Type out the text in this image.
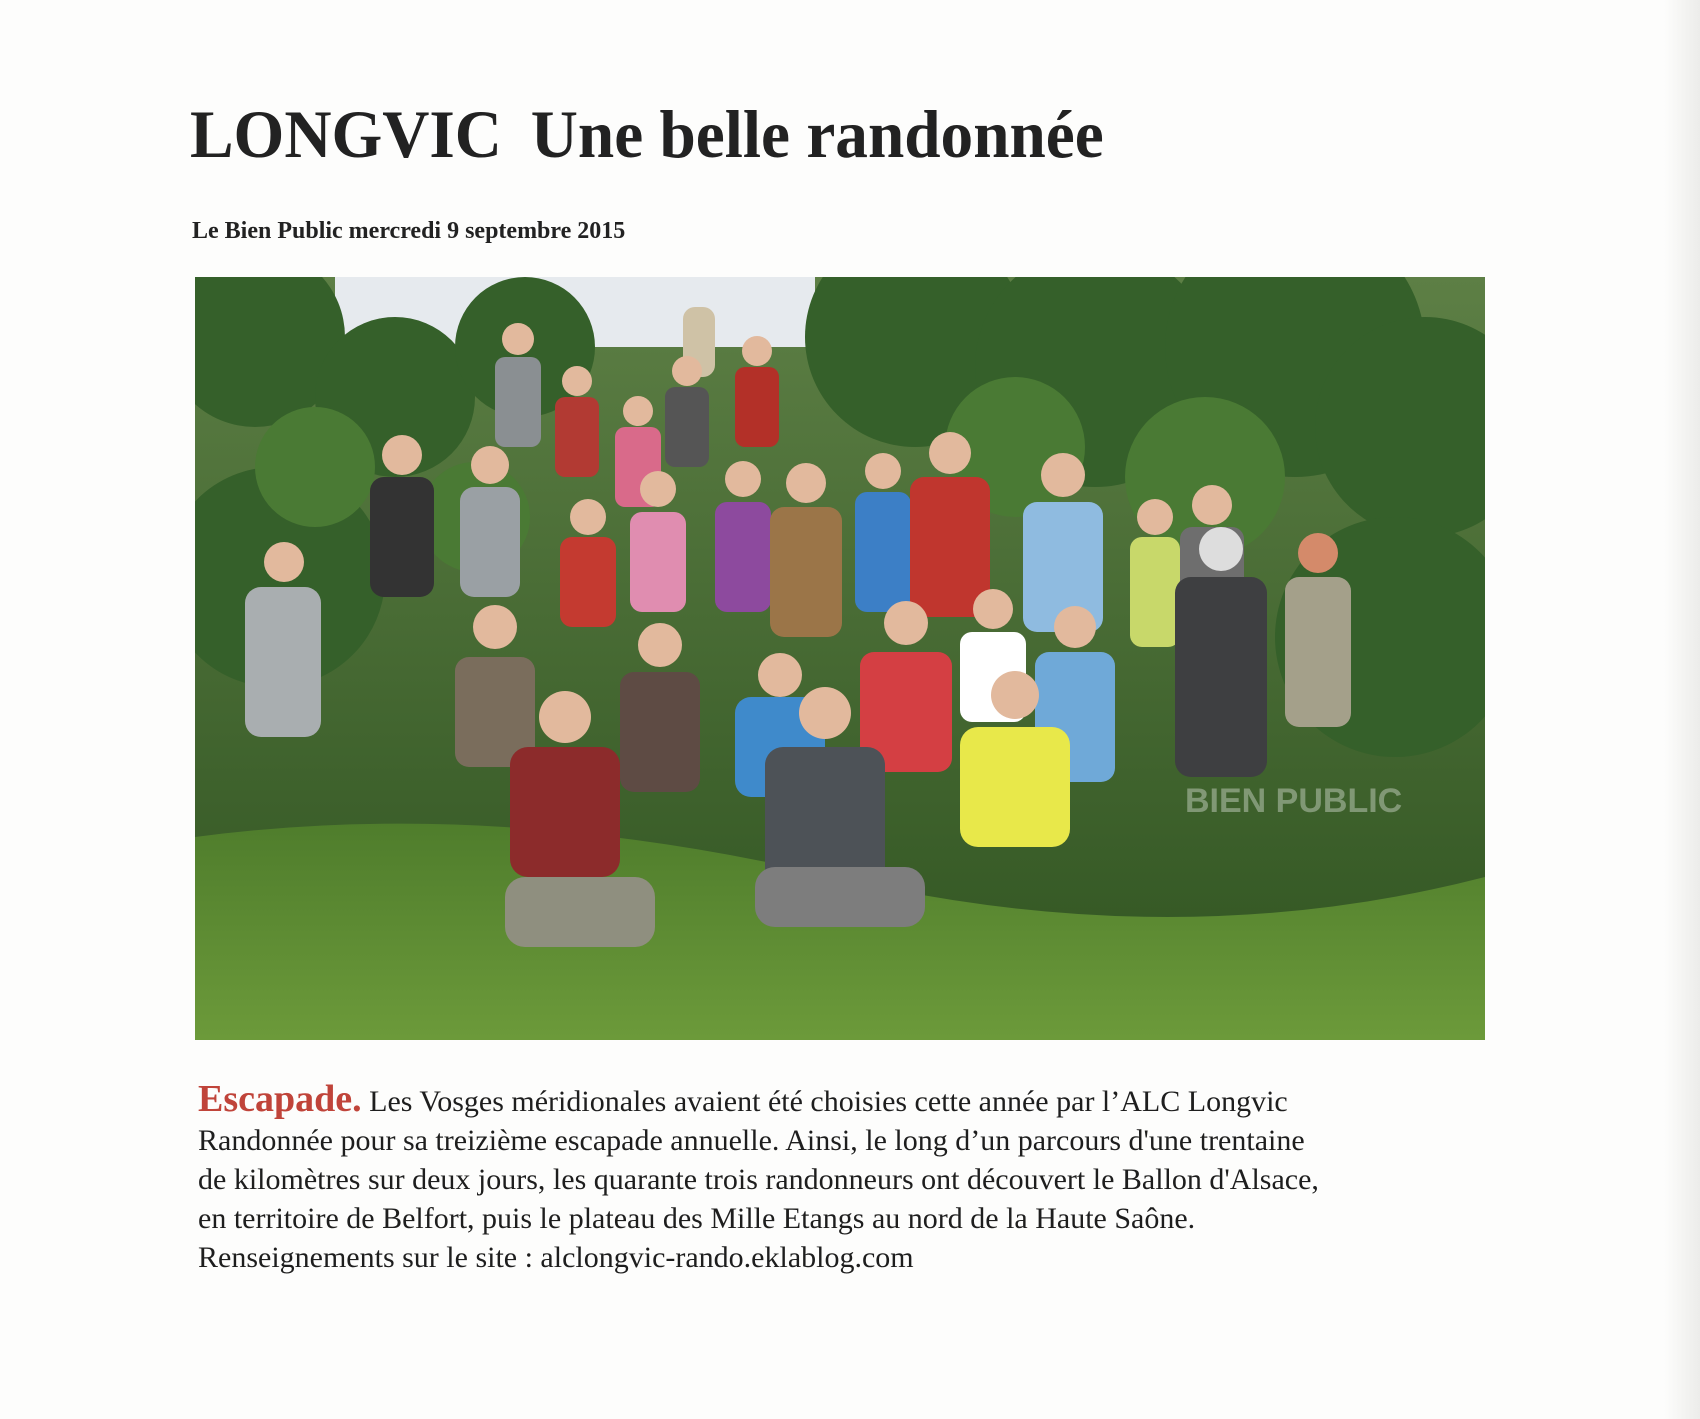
LONGVIC Une belle randonnée

Le Bien Public mercredi 9 septembre 2015

BIEN PUBLIC

Escapade. Les Vosges méridionales avaient été choisies cette année par l’ALC Longvic
Randonnée pour sa treizième escapade annuelle. Ainsi, le long d’un parcours d'une trentaine
de kilomètres sur deux jours, les quarante trois randonneurs ont découvert le Ballon d'Alsace,
en territoire de Belfort, puis le plateau des Mille Etangs au nord de la Haute Saône.
Renseignements sur le site : alclongvic-rando.eklablog.com
